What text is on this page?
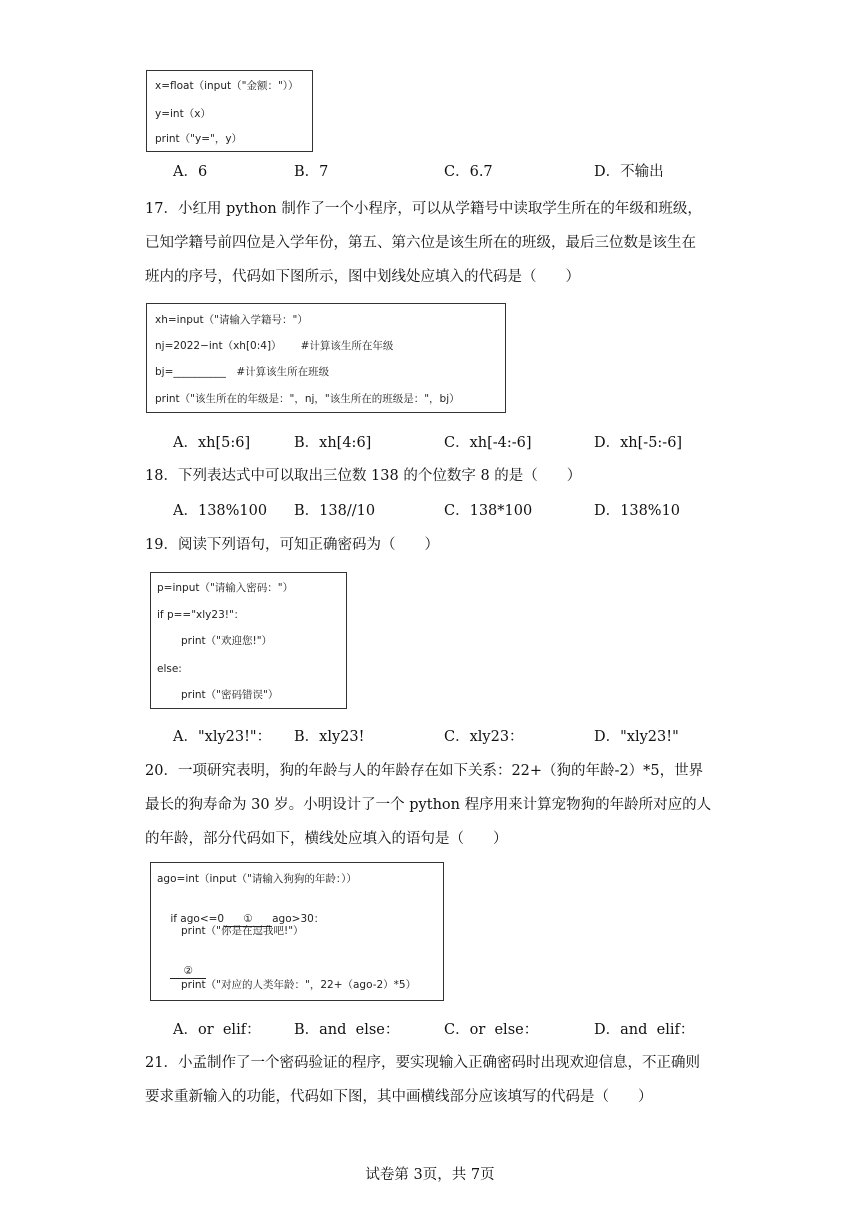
x=float（input（"金额："））
y=int（x）
print（"y="，y）
A．6	B．7	C．6.7	D．不输出
17．小红用 python 制作了一个小程序，可以从学籍号中读取学生所在的年级和班级，
已知学籍号前四位是入学年份，第五、第六位是该生所在的班级，最后三位数是该生在
班内的序号，代码如下图所示，图中划线处应填入的代码是（　　）
xh=input（"请输入学籍号："）
nj=2022−int（xh[0:4]）　　 #计算该生所在年级
bj=__________　#计算该生所在班级
print（"该生所在的年级是："，nj，"该生所在的班级是："，bj）
A．xh[5:6]	B．xh[4:6]	C．xh[-4:-6]	D．xh[-5:-6]
18．下列表达式中可以取出三位数 138 的个位数字 8 的是（　　）
A．138%100 B．138//10	C．138*100	D．138%10
19．阅读下列语句，可知正确密码为（　　）
p=input（"请输入密码："）
if p=="xly23!"：
print（"欢迎您!"）
else:
print（"密码错误"）
A．"xly23!"： B．xly23!	C．xly23：	D．"xly23!"
20．一项研究表明，狗的年龄与人的年龄存在如下关系：22+（狗的年龄-2）*5，世界
最长的狗寿命为 30 岁。小明设计了一个 python 程序用来计算宠物狗的年龄所对应的人
的年龄，部分代码如下，横线处应填入的语句是（　　）
ago=int（input（"请输入狗狗的年龄：））

if ago<=0 ① ago>30：

print（"你是在逗我吧!"）

②

print（"对应的人类年龄："，22+（ago-2）*5）
A．or  elif： B．and  else：	C．or  else：	D．and  elif：
21．小孟制作了一个密码验证的程序，要实现输入正确密码时出现欢迎信息，不正确则
要求重新输入的功能，代码如下图，其中画横线部分应该填写的代码是（　　）
试卷第 3页，共 7页
